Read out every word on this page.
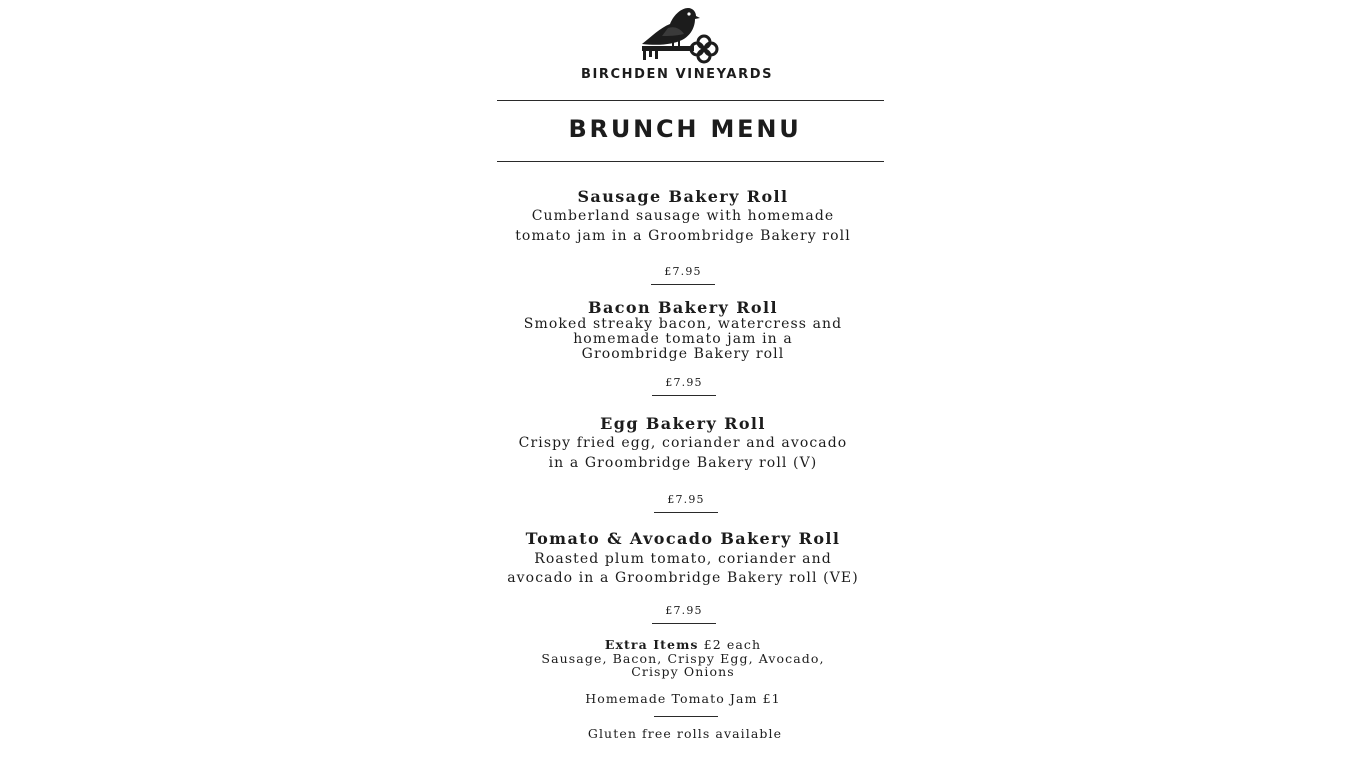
BIRCHDEN VINEYARDS
BRUNCH MENU
Sausage Bakery Roll
Cumberland sausage with homemade
tomato jam in a Groombridge Bakery roll
£7.95
Bacon Bakery Roll
Smoked streaky bacon, watercress and
homemade tomato jam in a
Groombridge Bakery roll
£7.95
Egg Bakery Roll
Crispy fried egg, coriander and avocado
in a Groombridge Bakery roll (V)
£7.95
Tomato & Avocado Bakery Roll
Roasted plum tomato, coriander and
avocado in a Groombridge Bakery roll (VE)
£7.95
Extra Items £2 each
Sausage, Bacon, Crispy Egg, Avocado,
Crispy Onions
Homemade Tomato Jam £1
Gluten free rolls available
